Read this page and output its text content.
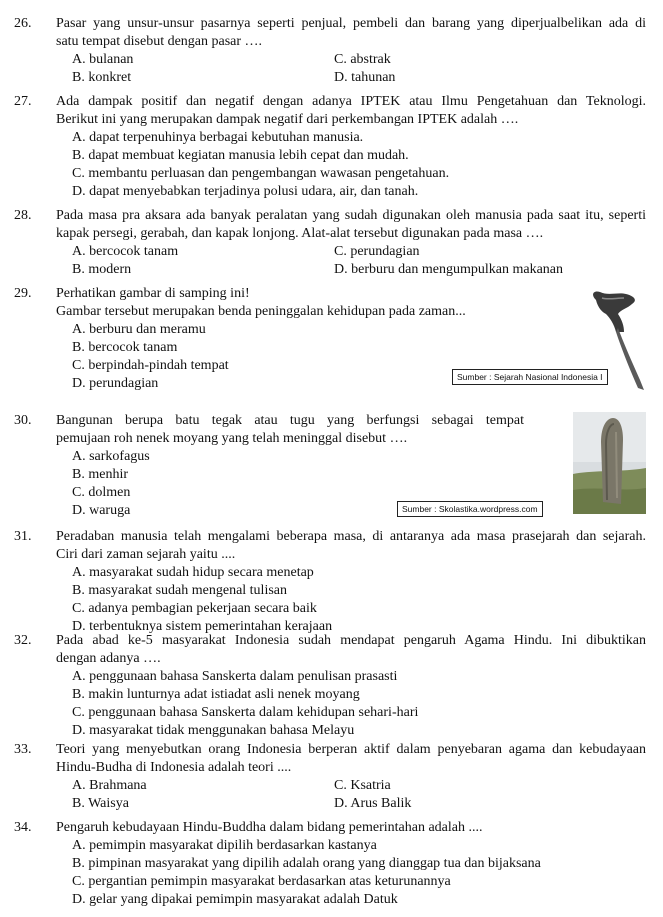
26. Pasar yang unsur-unsur pasarnya seperti penjual, pembeli dan barang yang diperjualbelikan ada di
satu tempat disebut dengan pasar ….
A. bulanan	C. abstrak
B. konkret	D. tahunan
27. Ada dampak positif dan negatif dengan adanya IPTEK atau Ilmu Pengetahuan dan Teknologi.
Berikut ini yang merupakan dampak negatif dari perkembangan IPTEK adalah ….
A. dapat terpenuhinya berbagai kebutuhan manusia.
B. dapat membuat kegiatan manusia lebih cepat dan mudah.
C. membantu perluasan dan pengembangan wawasan pengetahuan.
D. dapat menyebabkan terjadinya polusi udara, air, dan tanah.
28. Pada masa pra aksara ada banyak peralatan yang sudah digunakan oleh manusia pada saat itu, seperti
kapak persegi, gerabah, dan kapak lonjong. Alat-alat tersebut digunakan pada masa ….
A. bercocok tanam	C. perundagian
B. modern	D. berburu dan mengumpulkan makanan
29. Perhatikan gambar di samping ini!
Gambar tersebut merupakan benda peninggalan kehidupan pada zaman...
A. berburu dan meramu
B. bercocok tanam
C. berpindah-pindah tempat
D. perundagian	Sumber : Sejarah Nasional Indonesia I
30. Bangunan berupa batu tegak atau tugu yang berfungsi sebagai tempat
pemujaan roh nenek moyang yang telah meninggal disebut ….
A. sarkofagus
B. menhir
C. dolmen
D. waruga	Sumber : Skolastika.wordpress.com
31. Peradaban manusia telah mengalami beberapa masa, di antaranya ada masa prasejarah dan sejarah.
Ciri dari zaman sejarah yaitu ....
A. masyarakat sudah hidup secara menetap
B. masyarakat sudah mengenal tulisan
C. adanya pembagian pekerjaan secara baik
D. terbentuknya sistem pemerintahan kerajaan
32. Pada abad ke-5 masyarakat Indonesia sudah mendapat pengaruh Agama Hindu. Ini dibuktikan
dengan adanya ….
A. penggunaan bahasa Sanskerta dalam penulisan prasasti
B. makin lunturnya adat istiadat asli nenek moyang
C. penggunaan bahasa Sanskerta dalam kehidupan sehari-hari
D. masyarakat tidak menggunakan bahasa Melayu
33. Teori yang menyebutkan orang Indonesia berperan aktif dalam penyebaran agama dan kebudayaan
Hindu-Budha di Indonesia adalah teori ....
A. Brahmana	C. Ksatria
B. Waisya	D. Arus Balik
34. Pengaruh kebudayaan Hindu-Buddha dalam bidang pemerintahan adalah ....
A. pemimpin masyarakat dipilih berdasarkan kastanya
B. pimpinan masyarakat yang dipilih adalah orang yang dianggap tua dan bijaksana
C. pergantian pemimpin masyarakat berdasarkan atas keturunannya
D. gelar yang dipakai pemimpin masyarakat adalah Datuk
